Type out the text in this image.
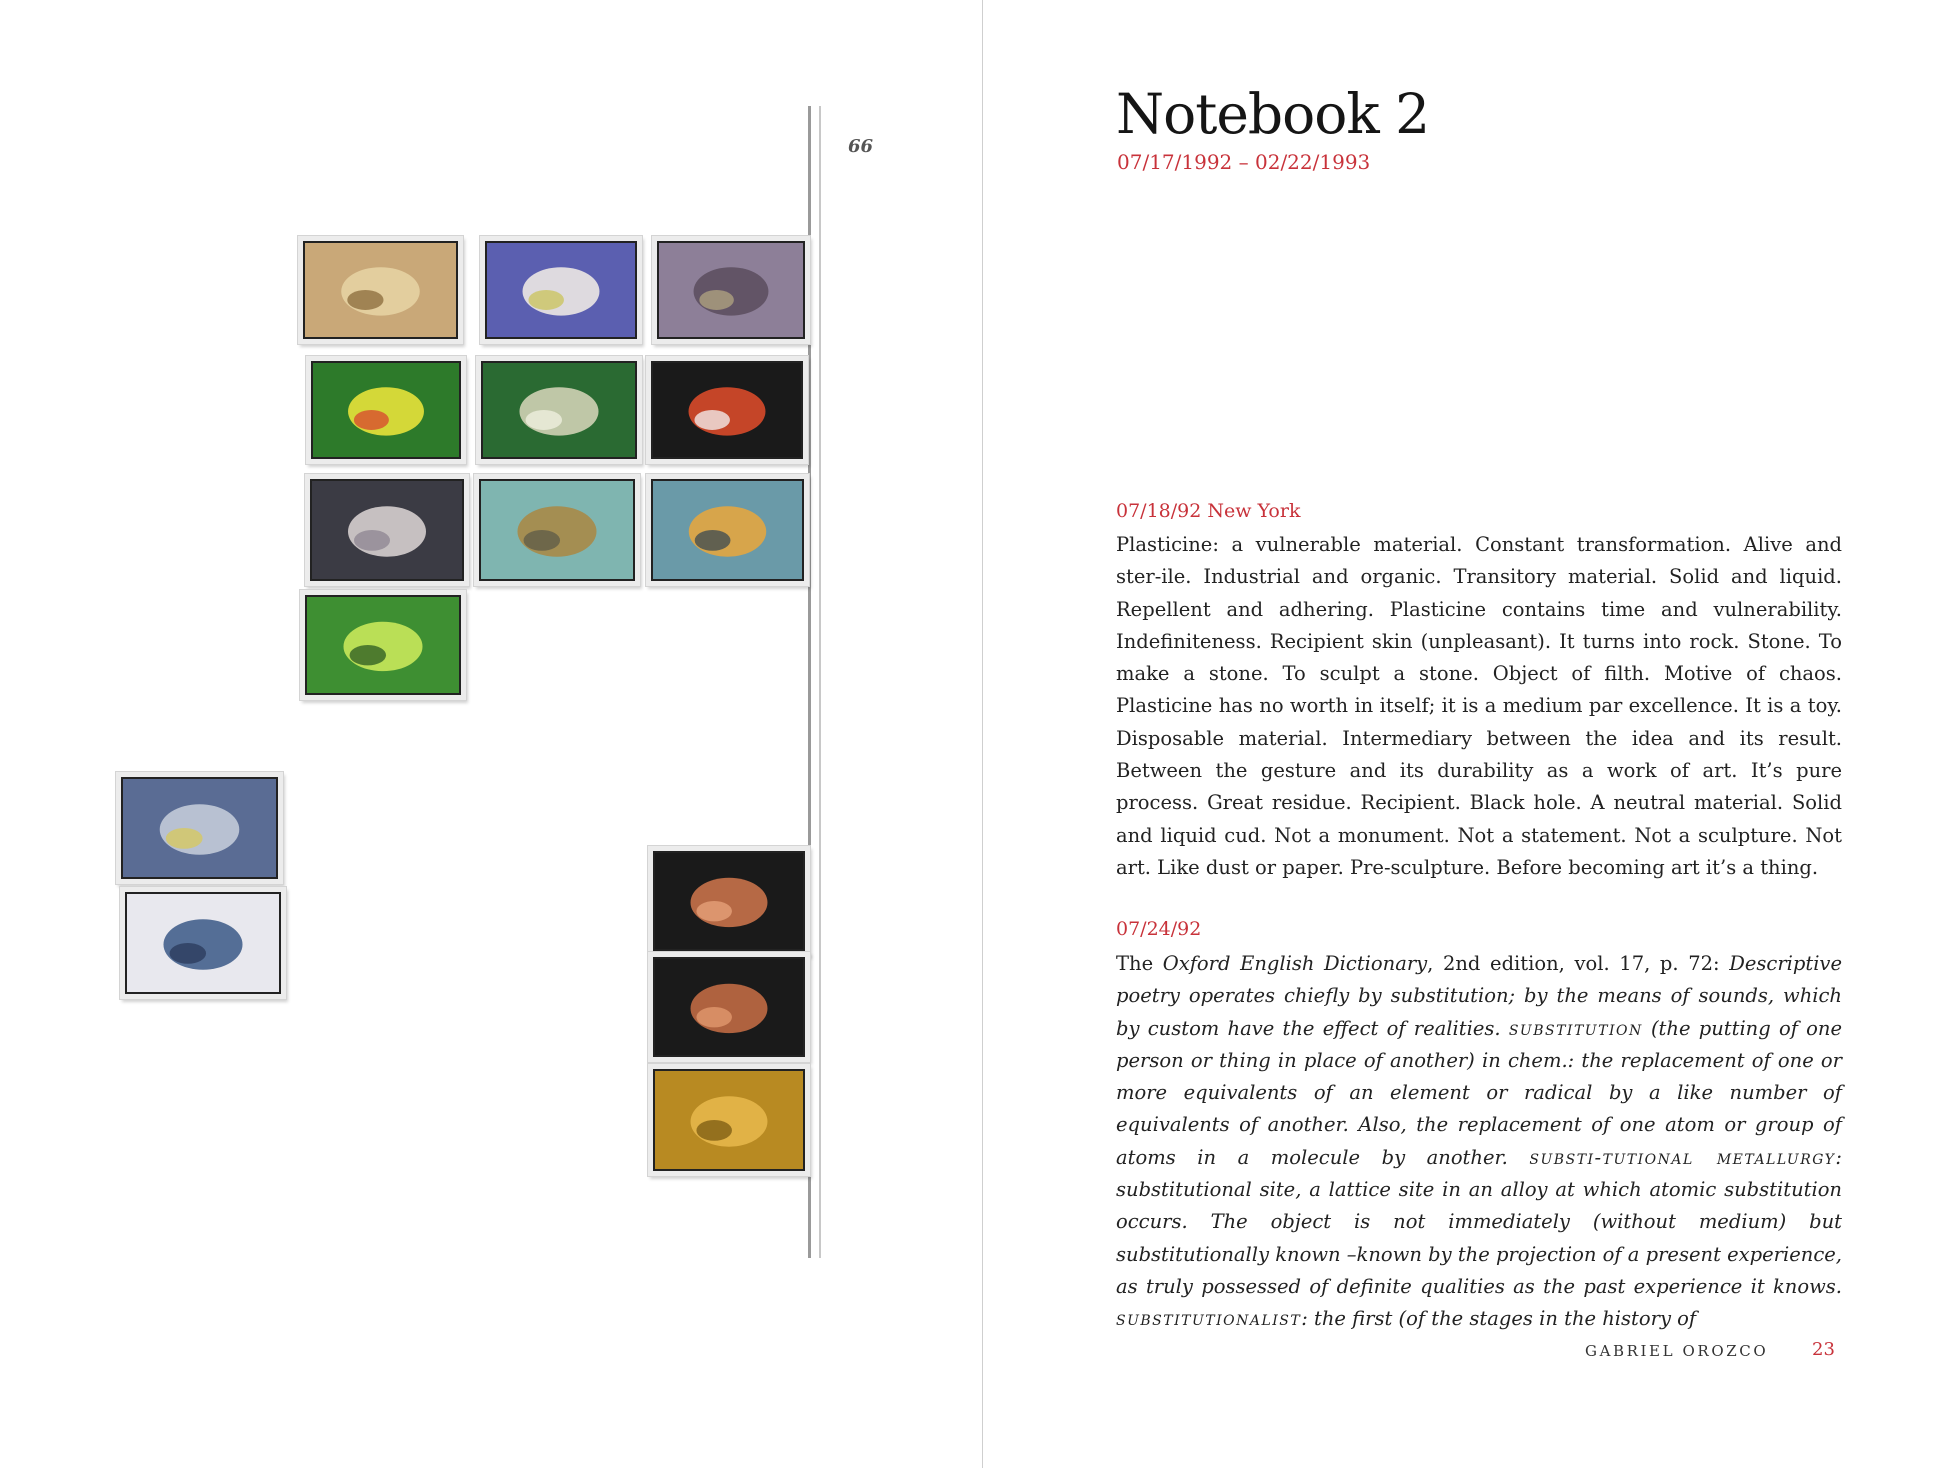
66
Notebook 2
07/17/1992 – 02/22/1993
07/18/92 New York
Plasticine: a vulnerable material. Constant transformation. Alive and ster-ile. Industrial and organic. Transitory material. Solid and liquid. Repellent and adhering. Plasticine contains time and vulnerability. Indefiniteness. Recipient skin (unpleasant). It turns into rock. Stone. To make a stone. To sculpt a stone. Object of filth. Motive of chaos. Plasticine has no worth in itself; it is a medium par excellence. It is a toy. Disposable material. Intermediary between the idea and its result. Between the gesture and its durability as a work of art. It’s pure process. Great residue. Recipient. Black hole. A neutral material. Solid and liquid cud. Not a monument. Not a statement. Not a sculpture. Not art. Like dust or paper. Pre-sculpture. Before becoming art it’s a thing.
07/24/92
The Oxford English Dictionary, 2nd edition, vol. 17, p. 72: Descriptive poetry operates chiefly by substitution; by the means of sounds, which by custom have the effect of realities. substitution (the putting of one person or thing in place of another) in chem.: the replacement of one or more equivalents of an element or radical by a like number of equivalents of another. Also, the replacement of one atom or group of atoms in a molecule by another. substi-tutional metallurgy: substitutional site, a lattice site in an alloy at which atomic substitution occurs. The object is not immediately (without medium) but substitutionally known –known by the projection of a present experience, as truly possessed of definite qualities as the past experience it knows. substitutionalist: the first (of the stages in the history of
GABRIEL OROZCO 23
